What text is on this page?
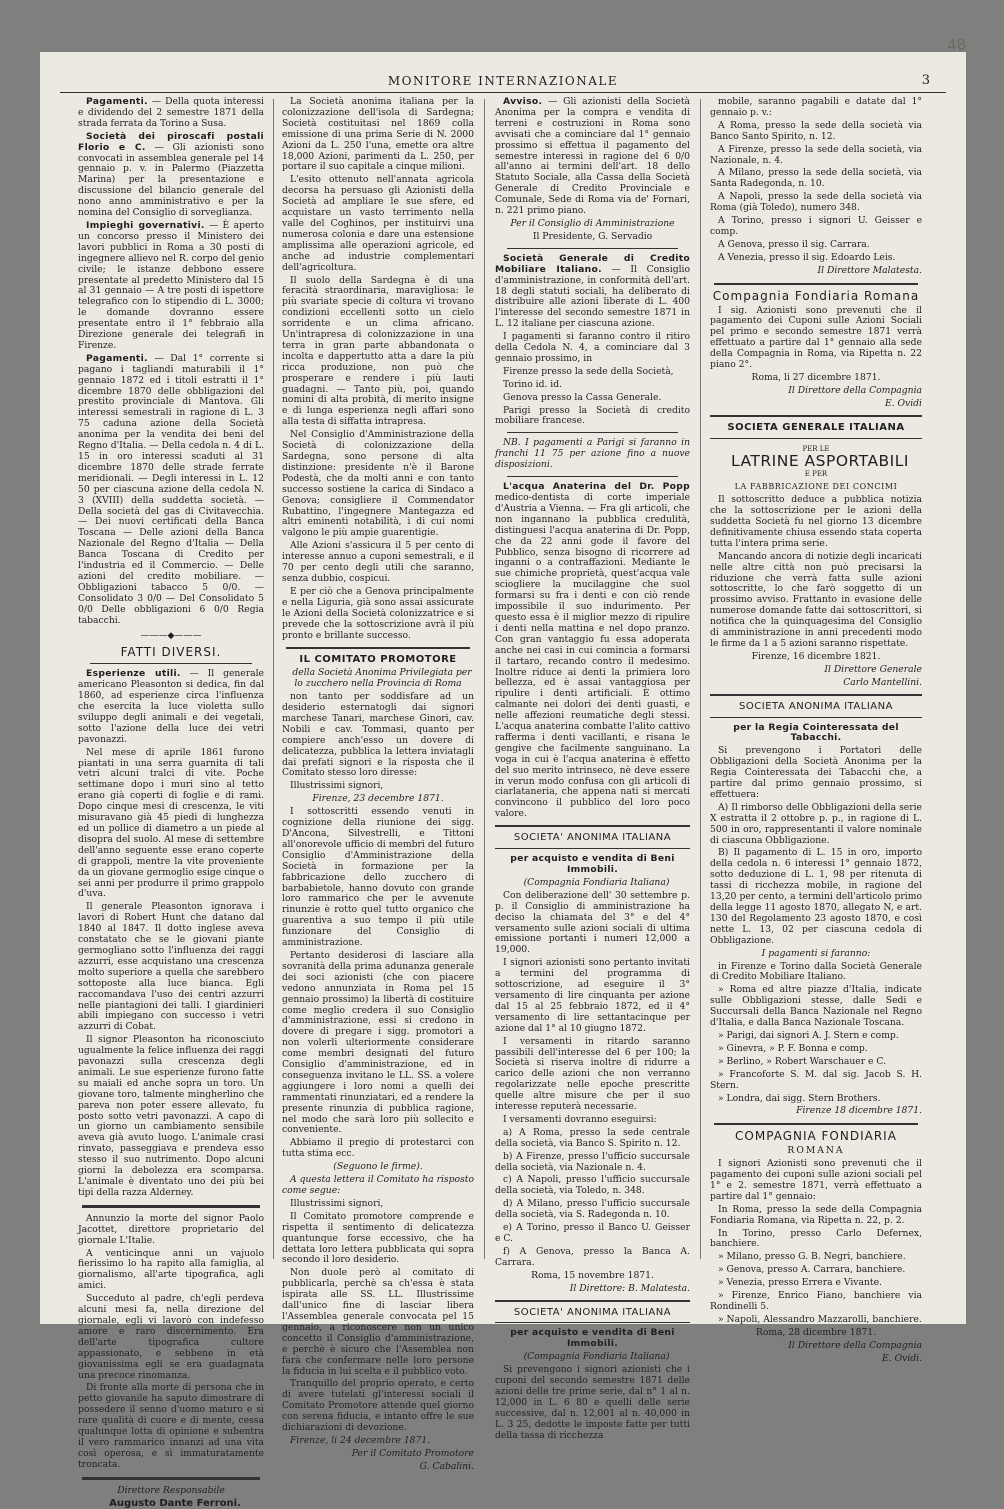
48
MONITORE INTERNAZIONALE	3

Pagamenti. — Della quota interessi e dividendo del 2 semestre 1871 della strada ferrata da Torino a Susa.

Società dei piroscafi postali Florio e C. — Gli azionisti sono convocati in assemblea generale pel 14 gennaio p. v. in Palermo (Piazzetta Marina) per la presentazione e discussione del bilancio generale del nono anno amministrativo e per la nomina del Consiglio di sorveglianza.

Impieghi governativi. — È aperto un concorso presso il Ministero dei lavori pubblici in Roma a 30 posti di ingegnere allievo nel R. corpo del genio civile; le istanze debbono essere presentate al predetto Ministero dal 15 al 31 gennaio — A tre posti di ispettore telegrafico con lo stipendio di L. 3000; le domande dovranno essere presentate entro il 1° febbraio alla Direzione generale dei telegrafi in Firenze.

Pagamenti. — Dal 1° corrente si pagano i tagliandi maturabili il 1° gennaio 1872 ed i titoli estratti il 1° dicembre 1870 delle obbligazioni del prestito provinciale di Mantova. Gli interessi semestrali in ragione di L. 3 75 caduna azione della Società anonima per la vendita dei beni del Regno d'Italia. — Della cedola n. 4 di L. 15 in oro interessi scaduti al 31 dicembre 1870 delle strade ferrate meridionali. — Degli interessi in L. 12 50 per ciascuna azione della cedola N. 3 (XVIII) della suddetta società. — Della società del gas di Civitavecchia. — Dei nuovi certificati della Banca Toscana — Delle azioni della Banca Nazionale del Regno d'Italia — Della Banca Toscana di Credito per l'industria ed il Commercio. — Delle azioni del credito mobiliare. — Obbligazioni tabacco 5 0/0. — Consolidato 3 0/0 — Del Consolidato 5 0/0 Delle obbligazioni 6 0/0 Regia tabacchi.

———◆———
FATTI DIVERSI.

Esperienze utili. — Il generale americano Pleasonton si dedica, fin dal 1860, ad esperienze circa l'influenza che esercita la luce violetta sullo sviluppo degli animali e dei vegetali, sotto l'azione della luce dei vetri pavonazzi.

Nel mese di aprile 1861 furono piantati in una serra guarnita di tali vetri alcuni tralci di vite. Poche settimane dopo i muri sino al tetto erano già coperti di foglie e di rami. Dopo cinque mesi di crescenza, le viti misuravano già 45 piedi di lunghezza ed un pollice di diametro a un piede al disopra del suolo. Al mese di settembre dell'anno seguente esse erano coperte di grappoli, mentre la vite proveniente da un giovane germoglio esige cinque o sei anni per produrre il primo grappolo d'uva.

Il generale Pleasonton ignorava i lavori di Robert Hunt che datano dal 1840 al 1847. Il dotto inglese aveva constatato che se le giovani piante germogliano sotto l'influenza dei raggi azzurri, esse acquistano una crescenza molto superiore a quella che sarebbero sottoposte alla luce bianca. Egli raccomandava l'uso dei centri azzurri nelle piantagioni dei talli. I giardinieri abili impiegano con successo i vetri azzurri di Cobat.

Il signor Pleasonton ha riconosciuto ugualmente la felice influenza dei raggi pavonazzi sulla crescenza degli animali. Le sue esperienze furono fatte su maiali ed anche sopra un toro. Un giovane toro, talmente mingherlino che pareva non poter essere allevato, fu posto sotto vetri pavonazzi. A capo di un giorno un cambiamento sensibile aveva già avuto luogo. L'animale crasi rinvato, passeggiava e prendeva esso stesso il suo nutrimento. Dopo alcuni giorni la debolezza era scomparsa. L'animale è diventato uno dei più bei tipi della razza Alderney.

Annunzio la morte del signor Paolo Jacottet, direttore proprietario del giornale L'Italie.

A venticinque anni un vajuolo fierissimo lo ha rapito alla famiglia, al giornalismo, all'arte tipografica, agli amici.

Succeduto al padre, ch'egli perdeva alcuni mesi fa, nella direzione del giornale, egli vi lavorò con indefesso amore e raro discernimento. Era dell'arte tipografica cultore appassionato, e sebbene in età giovanissima egli se era guadagnata una precoce rinomanza.

Di fronte alla morte di persona che in petto giovanile ha saputo dimostrare di possedere il senno d'uomo maturo e sì rare qualità di cuore e di mente, cessa qualunque lotta di opinione e subentra il vero rammarico innanzi ad una vita così operosa, e sì immaturatamente troncata.

Direttore Responsabile

Augusto Dante Ferroni.

La Società anonima italiana per la colonizzazione dell'isola di Sardegna; Società costituitasi nel 1869 colla emissione di una prima Serie di N. 2000 Azioni da L. 250 l'una, emette ora altre 18,000 Azioni, parimenti da L. 250, per portare il suo capitale a cinque milioni.

L'esito ottenuto nell'annata agricola decorsa ha persuaso gli Azionisti della Società ad ampliare le sue sfere, ed acquistare un vasto terrimento nella valle del Coghinos, per instituirvi una numerosa colonia e dare una estensione amplissima alle operazioni agricole, ed anche ad industrie complementari dell'agricoltura.

Il suolo della Sardegna è di una feracità straordinaria, maravigliosa: le più svariate specie di coltura vi trovano condizioni eccellenti sotto un cielo sorridente e un clima africano. Un'intrapresa di colonizzazione in una terra in gran parte abbandonata o incolta e dappertutto atta a dare la più ricca produzione, non può che prosperare e rendere i più lauti guadagni. — Tanto più, poi, quando nomini di alta probità, di merito insigne e di lunga esperienza negli affari sono alla testa di siffatta intrapresa.

Nel Consiglio d'Amministrazione della Società di colonizzazione della Sardegna, sono persone di alta distinzione: presidente n'è il Barone Podestà, che da molti anni e con tanto successo sostiene la carica di Sindaco a Genova; consigliere il Commendator Rubattino, l'ingegnere Mantegazza ed altri eminenti notabilità, i di cui nomi valgono le più ampie guarentigie.

Alle Azioni s'assicura il 5 per cento di interesse annuo a cuponi semestrali, e il 70 per cento degli utili che saranno, senza dubbio, cospicui.

E per ciò che a Genova principalmente e nella Liguria, già sono assai assicurate le Azioni della Società colonizzatrice e si prevede che la sottoscrizione avrà il più pronto e brillante successo.

IL COMITATO PROMOTORE

della Società Anonima Privilegiata per lo zucchero nella Provincia di Roma

non tanto per soddisfare ad un desiderio esternatogli dai signori marchese Tanari, marchese Ginori, cav. Nobili e cav. Tommasi, quanto per compiere anch'esso un dovere di delicatezza, pubblica la lettera inviatagli dai prefati signori e la risposta che il Comitato stesso loro diresse:

Illustrissimi signori,

Firenze, 23 decembre 1871.

I sottoscritti essendo venuti in cognizione della riunione dei sigg. D'Ancona, Silvestrelli, e Tittoni all'onorevole ufficio di membri del futuro Consiglio d'Amministrazione della Società in formazione per la fabbricazione dello zucchero di barbabietole, hanno dovuto con grande loro rammarico che per le avvenute rinunzie è rotto quel tutto organico che guarentiva a suo tempo il più utile funzionare del Consiglio di amministrazione.

Pertanto desiderosi di lasciare alla sovranità della prima adunanza generale dei soci azionisti (che con piacere vedono annunziata in Roma pel 15 gennaio prossimo) la libertà di costituire come meglio credera il suo Consiglio d'amministrazione, essi si credono in dovere di pregare i sigg. promotori a non volerli ulteriormente considerare come membri designati del futuro Consiglio d'amministrazione, ed in conseguenza invitano le LL. SS. a volere aggiungere i loro nomi a quelli dei rammentati rinunziatari, ed a rendere la presente rinunzia di pubblica ragione, nel modo che sarà loro più sollecito e conveniente.

Abbiamo il pregio di protestarci con tutta stima ecc.

(Seguono le firme).

A questa lettera il Comitato ha risposto come segue:

Illustrissimi signori,

Il Comitato promotore comprende e rispetta il sentimento di delicatezza quantunque forse eccessivo, che ha dettata loro lettera pubblicata qui sopra secondo il loro desiderio.

Non duole però al comitato di pubblicarla, perchè sa ch'essa è stata ispirata alle SS. LL. Illustrissime dall'unico fine di lasciar libera l'Assemblea generale convocata pel 15 gennaio, a riconoscere non un unico concetto il Consiglio d'amministrazione, e perchè è sicuro che l'Assemblea non farà che confermare nelle loro persone la fiducia in lui scelta e il pubblico voto.

Tranquillo del proprio operato, e certo di avere tutelati gl'interessi sociali il Comitato Promotore attende quel giorno con serena fiducia, e intanto offre le sue dichiarazioni di devozione.

Firenze, li 24 decembre 1871.

Per il Comitato Promotore

G. Cabalini.

Avviso. — Gli azionisti della Società Anonima per la compra e vendita di terreni e costruzioni in Roma sono avvisati che a cominciare dal 1° gennaio prossimo si effettua il pagamento del semestre interessi in ragione del 6 0/0 all'anno ai termini dell'art. 18 dello Statuto Sociale, alla Cassa della Società Generale di Credito Provinciale e Comunale, Sede di Roma via de' Fornari, n. 221 primo piano.

Per il Consiglio di Amministrazione

Il Presidente, G. Servadio

Società Generale di Credito Mobiliare Italiano. — Il Consiglio d'amministrazione, in conformità dell'art. 18 degli statuti sociali, ha deliberato di distribuire alle azioni liberate di L. 400 l'interesse del secondo semestre 1871 in L. 12 italiane per ciascuna azione.

I pagamenti si faranno contro il ritiro della Cedola N. 4, a cominciare dal 3 gennaio prossimo, in

Firenze presso la sede della Società,

Torino id. id.

Genova presso la Cassa Generale.

Parigi presso la Società di credito mobiliare francese.

NB. I pagamenti a Parigi si faranno in franchi 11 75 per azione fino a nuove disposizioni.

L'acqua Anaterina del Dr. Popp medico-dentista di corte imperiale d'Austria a Vienna. — Fra gli articoli, che non ingannano la pubblica credulità, distinguesi l'acqua anaterina di Dr. Popp, che da 22 anni gode il favore del Pubblico, senza bisogno di ricorrere ad inganni o a contraffazioni. Mediante le sue chimiche proprietà, quest'acqua vale sciogliere la mucilaggine che suol formarsi su fra i denti e con ciò rende impossibile il suo indurimento. Per questo essa è il miglior mezzo di ripulire i denti nella mattina e nel dopo pranzo. Con gran vantaggio fu essa adoperata anche nei casi in cui comincia a formarsi il tartaro, recando contro il medesimo. Inoltre riduce ai denti la primiera loro bellezza, ed è assai vantaggiosa per ripulire i denti artificiali. È ottimo calmante nei dolori dei denti guasti, e nelle affezioni reumatiche degli stessi. L'acqua anaterina combatte l'alito cattivo rafferma i denti vacillanti, e risana le gengive che facilmente sanguinano. La voga in cui è l'acqua anaterina è effetto del suo merito intrinseco, nè deve essere in verun modo confusa con gli articoli di ciarlataneria, che appena nati si mercati convincono il pubblico del loro poco valore.

SOCIETA' ANONIMA ITALIANA

per acquisto e vendita di Beni Immobili.

(Compagnia Fondiaria Italiana)

Con deliberazione dell' 30 settembre p. p. il Consiglio di amministrazione ha deciso la chiamata del 3° e del 4° versamento sulle azioni sociali di ultima emissione portanti i numeri 12,000 a 19,000.

I signori azionisti sono pertanto invitati a termini del programma di sottoscrizione, ad eseguire il 3° versamento di lire cinquanta per azione dal 15 al 25 febbraio 1872, ed il 4° versamento di lire settantacinque per azione dal 1° al 10 giugno 1872.

I versamenti in ritardo saranno passibili dell'interesse del 6 per 100; la Società si riserva inoltre di ridurre a carico delle azioni che non verranno regolarizzate nelle epoche prescritte quelle altre misure che per il suo interesse reputerà necessarie.

I versamenti dovranno eseguirsi:

a) A Roma, presso la sede centrale della società, via Banco S. Spirito n. 12.

b) A Firenze, presso l'ufficio succursale della società, via Nazionale n. 4.

c) A Napoli, presso l'ufficio succursale della società, via Toledo, n. 348.

d) A Milano, presso l'ufficio succursale della società, via S. Radegonda n. 10.

e) A Torino, presso il Banco U. Geisser e C.

f) A Genova, presso la Banca A. Carrara.

Roma, 15 novembre 1871.

Il Direttore: B. Malatesta.

SOCIETA' ANONIMA ITALIANA

per acquisto e vendita di Beni Immobili.

(Compagnia Fondiaria Italiana)

Si prevengono i signori azionisti che i cuponi del secondo semestre 1871 delle azioni delle tre prime serie, dal n° 1 al n. 12,000 in L. 6 80 e quelli delle serie successive, dal n. 12,001 al n. 40,000 in L. 3 25, dedotte le imposte fatte per tutti della tassa di ricchezza

mobile, saranno pagabili e datate dal 1° gennaio p. v.:

A Roma, presso la sede della società via Banco Santo Spirito, n. 12.

A Firenze, presso la sede della società, via Nazionale, n. 4.

A Milano, presso la sede della società, via Santa Radegonda, n. 10.

A Napoli, presso la sede della società via Roma (già Toledo), numero 348.

A Torino, presso i signori U. Geisser e comp.

A Genova, presso il sig. Carrara.

A Venezia, presso il sig. Edoardo Leis.

Il Direttore Malatesta.

Compagnia Fondiaria Romana

I sig. Azionisti sono prevenuti che il pagamento dei Cuponi sulle Azioni Sociali pel primo e secondo semestre 1871 verrà effettuato a partire dal 1° gennaio alla sede della Compagnia in Roma, via Ripetta n. 22 piano 2°.

Roma, li 27 dicembre 1871.

Il Direttore della Compagnia

E. Ovidi

SOCIETA GENERALE ITALIANA

PER LE

LATRINE ASPORTABILI

E PER

LA FABBRICAZIONE DEI CONCIMI

Il sottoscritto deduce a pubblica notizia che la sottoscrizione per le azioni della suddetta Società fu nel giorno 13 dicembre definitivamente chiusa essendo stata coperta tutta l'intera prima serie.

Mancando ancora di notizie degli incaricati nelle altre città non può precisarsi la riduzione che verrà fatta sulle azioni sottoscritte, lo che farò soggetto di un prossimo avviso. Frattanto in evasione delle numerose domande fatte dai sottoscrittori, si notifica che la quinquagesima del Consiglio di amministrazione in anni precedenti modo le firme da 1 a 5 azioni saranno rispettate.

Firenze, 16 dicembre 1821.

Il Direttore Generale

Carlo Mantellini.

SOCIETA ANONIMA ITALIANA

per la Regia Cointeressata del Tabacchi.

Si prevengono i Portatori delle Obbligazioni della Società Anonima per la Regia Cointeressata dei Tabacchi che, a partire dal primo gennaio prossimo, si effettuera:

A) Il rimborso delle Obbligazioni della serie X estratta il 2 ottobre p. p., in ragione di L. 500 in oro, rappresentanti il valore nominale di ciascuna Obbligazione.

B) Il pagamento di L. 15 in oro, importo della cedola n. 6 interessi 1° gennaio 1872, sotto deduzione di L. 1, 98 per ritenuta di tassi di ricchezza mobile, in ragione del 13,20 per cento, a termini dell'articolo primo della legge 11 agosto 1870, allegato N, e art. 130 del Regolamento 23 agosto 1870, e così nette L. 13, 02 per ciascuna cedola di Obbligazione.

I pagamenti si faranno:

in Firenze e Torino dalla Società Generale di Credito Mobiliare Italiano.

» Roma ed altre piazze d'Italia, indicate sulle Obbligazioni stesse, dalle Sedi e Succursali della Banca Nazionale nel Regno d'Italia, e dalla Banca Nazionale Toscana.

» Parigi, dai signori A. J. Stern e comp.

» Ginevra, » P. F. Bonna e comp.

» Berlino, » Robert Warschauer e C.

» Francoforte S. M. dal sig. Jacob S. H. Stern.

» Londra, dai sigg. Stern Brothers.

Firenze 18 dicembre 1871.

COMPAGNIA FONDIARIA

ROMANA

I signori Azionisti sono prevenuti che il pagamento dei cuponi sulle azioni sociali pel 1° e 2. semestre 1871, verrà effettuato a partire dal 1° gennaio:

In Roma, presso la sede della Compagnia Fondiaria Romana, via Ripetta n. 22, p. 2.

In Torino, presso Carlo Defernex, banchiere.

» Milano, presso G. B. Negri, banchiere.

» Genova, presso A. Carrara, banchiere.

» Venezia, presso Errera e Vivante.

» Firenze, Enrico Fiano, banchiere via Rondinelli 5.

» Napoli, Alessandro Mazzarolli, banchiere.

Roma, 28 dicembre 1871.

Il Direttore della Compagnia

E. Ovidi.
